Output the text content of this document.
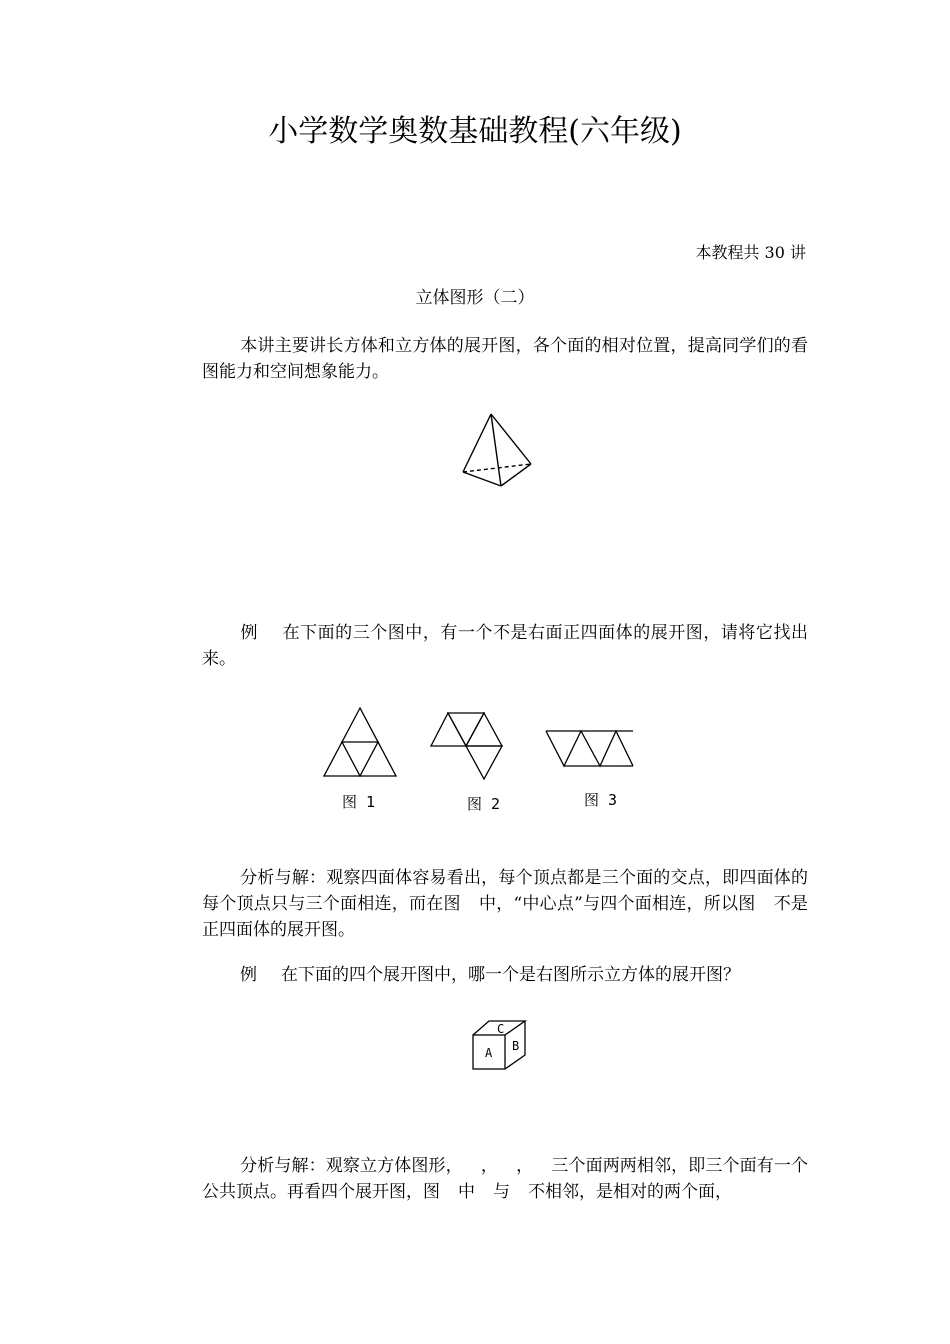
小学数学奥数基础教程(六年级)
本教程共 30 讲
立体图形（二）
本讲主要讲长方体和立方体的展开图，各个面的相对位置，提高同学们的看图能力和空间想象能力。
例 在下面的三个图中，有一个不是右面正四面体的展开图，请将它找出来。
图 1	图 2	图 3
分析与解：观察四面体容易看出，每个顶点都是三个面的交点，即四面体的每个顶点只与三个面相连，而在图 中，“中心点”与四个面相连，所以图 不是正四面体的展开图。
例 在下面的四个展开图中，哪一个是右图所示立方体的展开图？
A B
C
分析与解：观察立方体图形， ， ， 三个面两两相邻，即三个面有一个公共顶点。再看四个展开图，图 中 与 不相邻，是相对的两个面，
